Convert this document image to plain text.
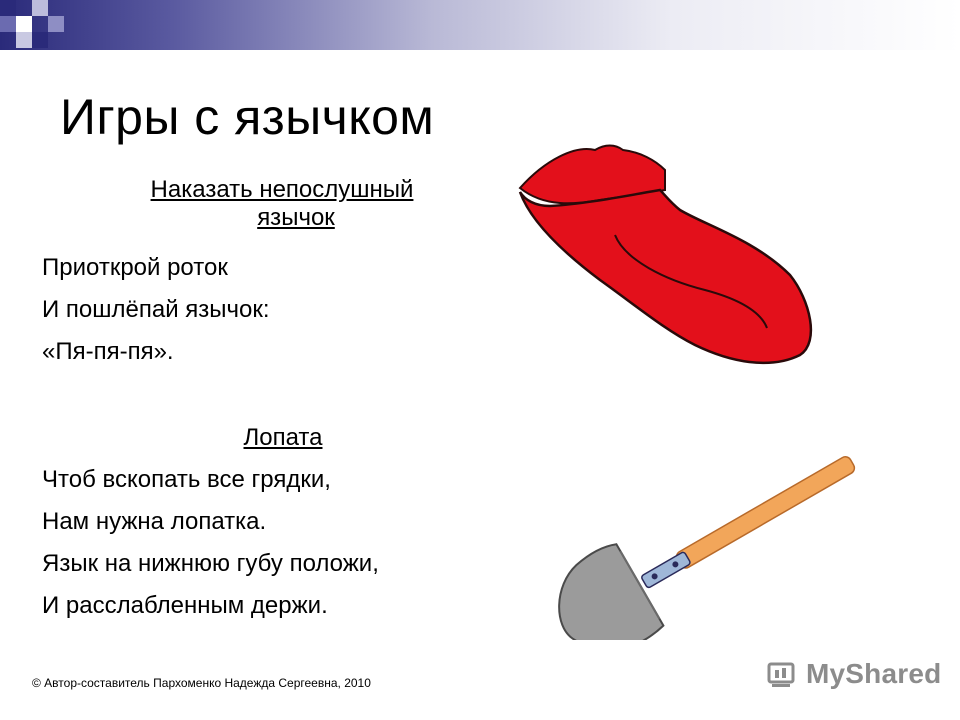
Игры с язычком
Наказать непослушный
язычок
Приоткрой роток
И пошлёпай язычок:
«Пя-пя-пя».
Лопата
Чтоб вскопать все грядки,
Нам нужна лопатка.
Язык на нижнюю губу положи,
И расслабленным держи.
© Автор-составитель Пархоменко Надежда Сергеевна, 2010	MyShared
